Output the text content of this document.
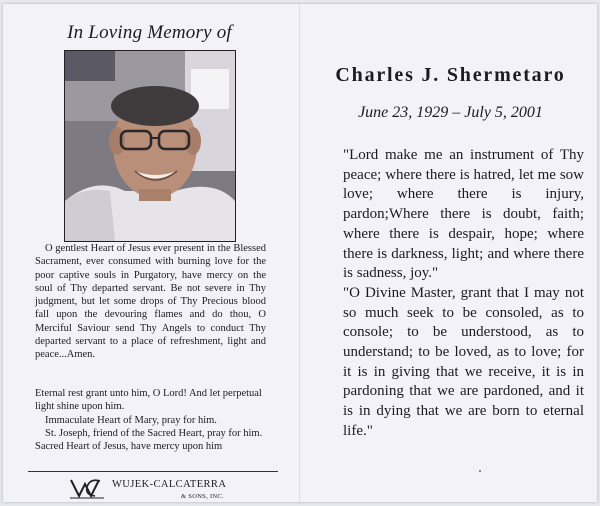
In Loving Memory of
O gentlest Heart of Jesus ever present in the Blessed Sacrament, ever consumed with burning love for the poor captive souls in Purgatory, have mercy on the soul of Thy departed servant. Be not severe in Thy judgment, but let some drops of Thy Precious blood fall upon the devouring flames and do thou, O Merciful Saviour send Thy Angels to conduct Thy departed servant to a place of refreshment, light and peace...Amen.

Eternal rest grant unto him, O Lord! And let perpetual light shine upon him.

Immaculate Heart of Mary, pray for him.

St. Joseph, friend of the Sacred Heart, pray for him.

Sacred Heart of Jesus, have mercy upon him

WUJEK-CALCATERRA
& SONS, INC.
Charles J. Shermetaro
June 23, 1929 – July 5, 2001

"Lord make me an instrument of Thy peace; where there is hatred, let me sow love; where there is injury, pardon;Where there is doubt, faith; where there is despair, hope; where there is darkness, light; and where there is sadness, joy."

"O Divine Master, grant that I may not so much seek to be consoled, as to console; to be understood, as to understand; to be loved, as to love; for it is in giving that we receive, it is in pardoning that we are pardoned, and it is in dying that we are born to eternal life."
